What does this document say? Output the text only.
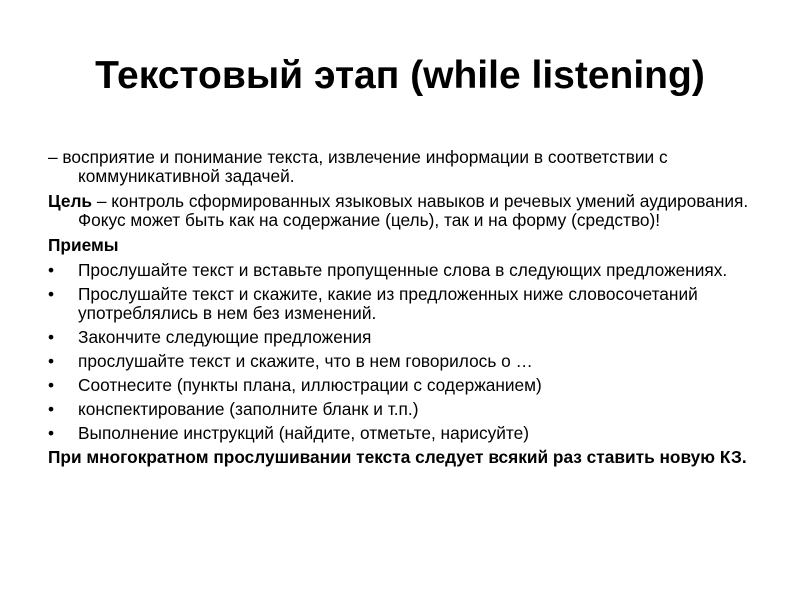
Текстовый этап (while listening)

– восприятие и понимание текста, извлечение информации в соответствии с коммуникативной задачей.

Цель – контроль сформированных языковых навыков и речевых умений аудирования. Фокус может быть как на содержание (цель), так и на форму (средство)!

Приемы

• Прослушайте текст и вставьте пропущенные слова в следующих предложениях.
• Прослушайте текст и скажите, какие из предложенных ниже словосочетаний употреблялись в нем без изменений.
• Закончите следующие предложения
• прослушайте текст и скажите, что в нем говорилось о …
• Соотнесите (пункты плана, иллюстрации с содержанием)
• конспектирование (заполните бланк и т.п.)
• Выполнение инструкций (найдите, отметьте, нарисуйте)

При многократном прослушивании текста следует всякий раз ставить новую КЗ.
